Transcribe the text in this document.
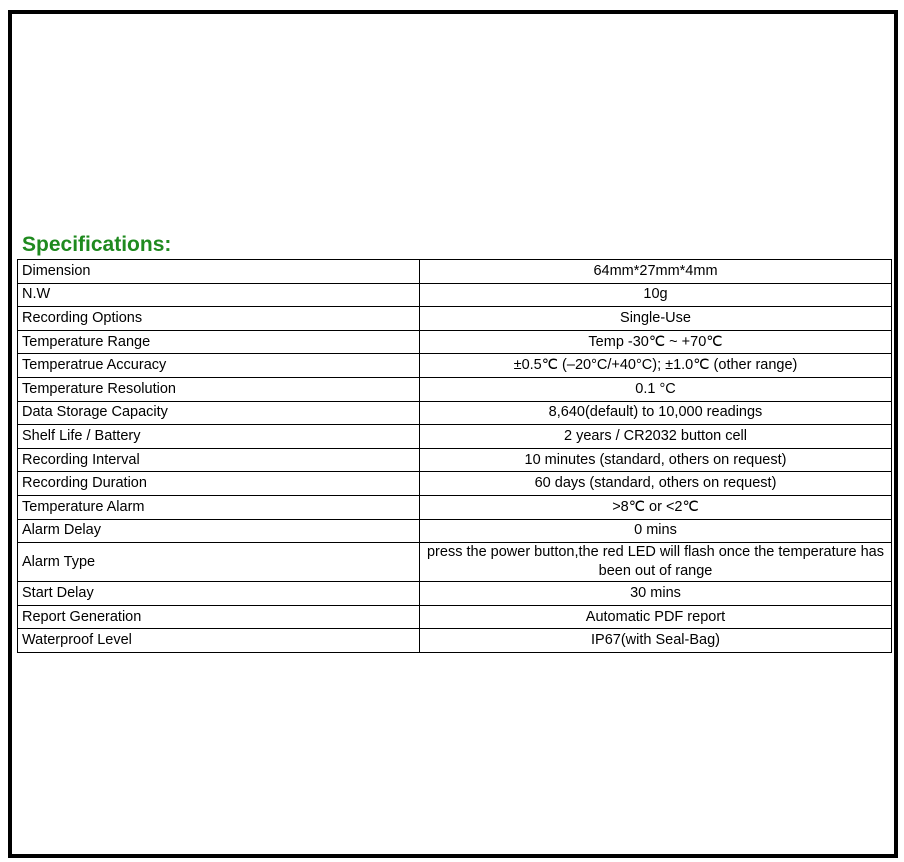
Specifications:
Dimension	64mm*27mm*4mm
N.W	10g
Recording Options	Single-Use
Temperature Range	Temp -30℃ ~ +70℃
Temperatrue Accuracy	±0.5℃ (–20°C/+40°C); ±1.0℃ (other range)
Temperature Resolution	0.1 °C
Data Storage Capacity	8,640(default) to 10,000 readings
Shelf Life / Battery	2 years / CR2032 button cell
Recording Interval	10 minutes (standard, others on request)
Recording Duration	60 days (standard, others on request)
Temperature Alarm	>8℃ or <2℃
Alarm Delay	0 mins
Alarm Type	press the power button,the red LED will flash once the temperature has been out of range
Start Delay	30 mins
Report Generation	Automatic PDF report
Waterproof Level	IP67(with Seal-Bag)
